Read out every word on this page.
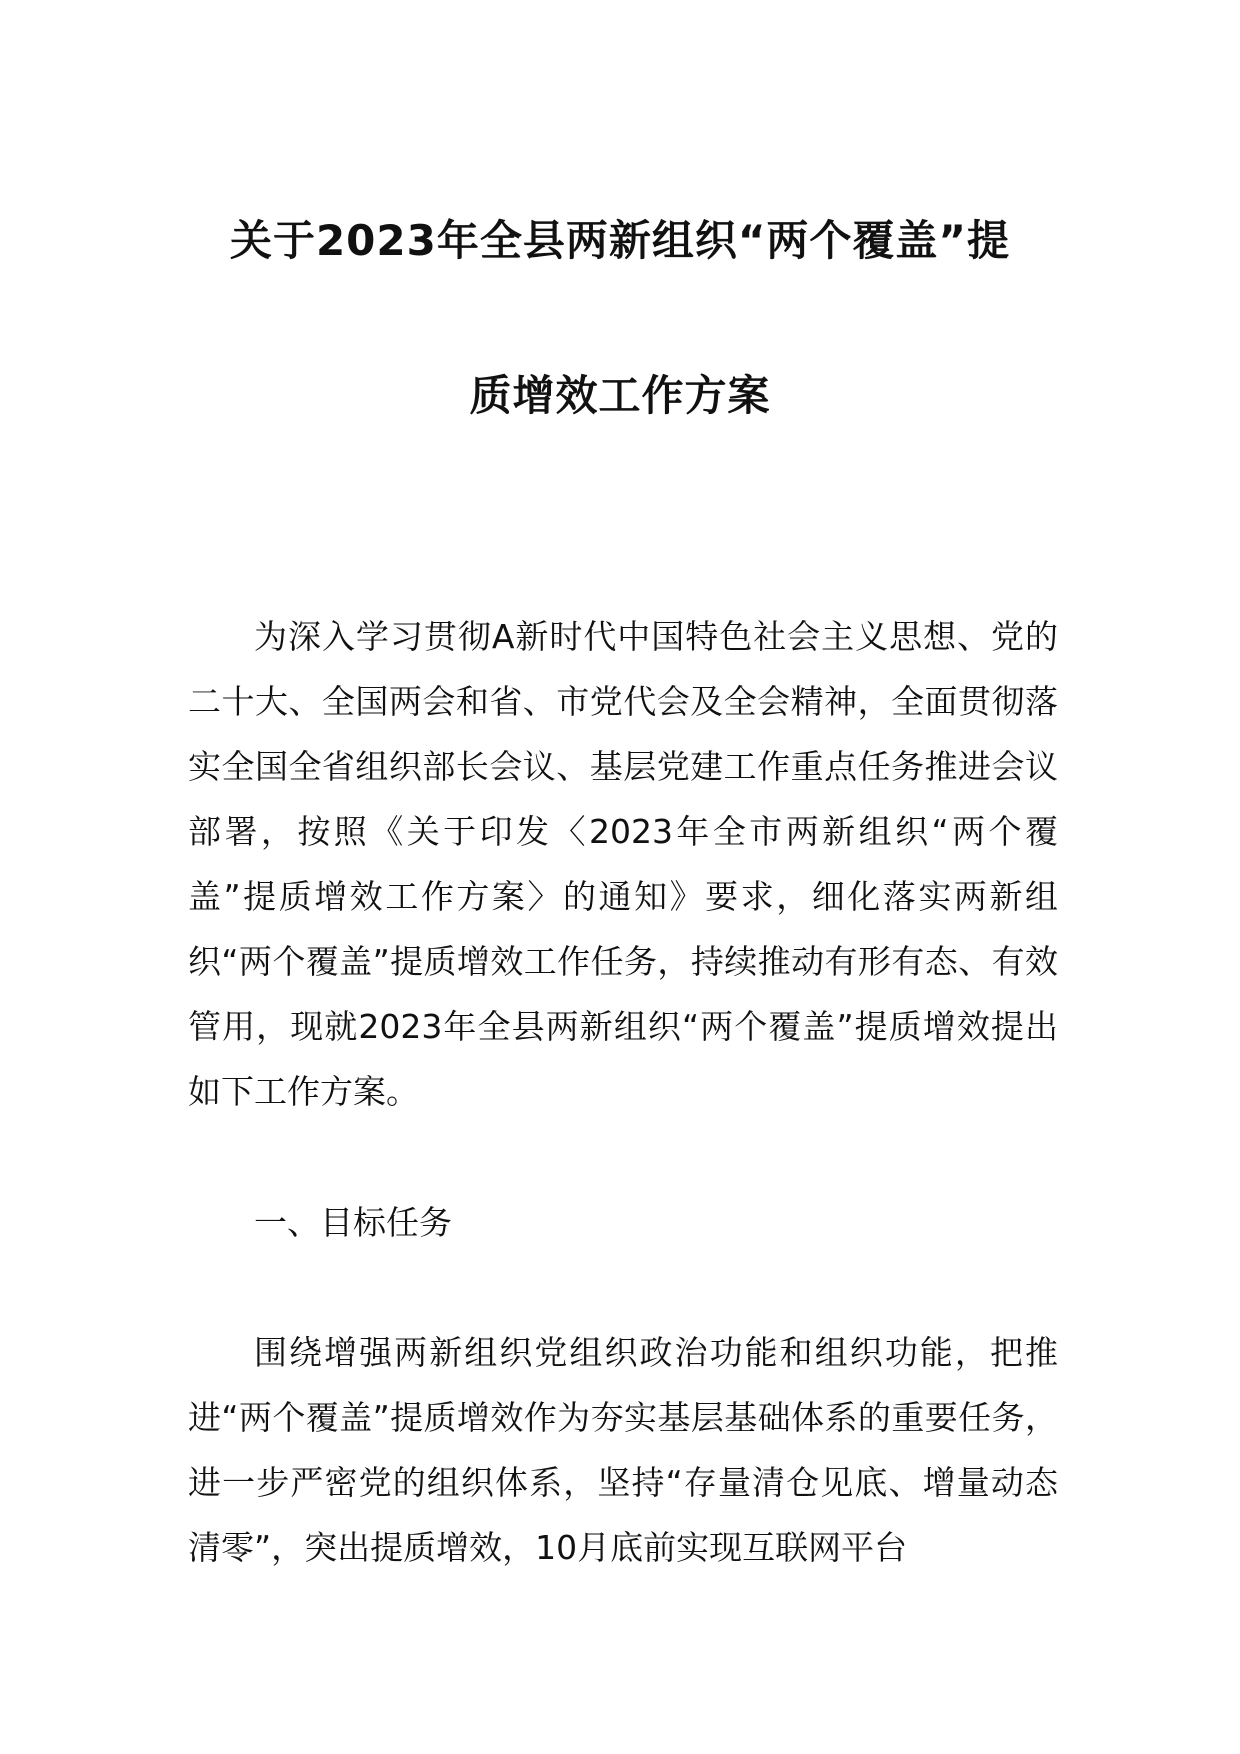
关于2023年全县两新组织“两个覆盖”提
质增效工作方案

为深入学习贯彻A新时代中国特色社会主义思想、党的二十大、全国两会和省、市党代会及全会精神，全面贯彻落实全国全省组织部长会议、基层党建工作重点任务推进会议部署，按照《关于印发〈2023年全市两新组织“两个覆盖”提质增效工作方案〉的通知》要求，细化落实两新组织“两个覆盖”提质增效工作任务，持续推动有形有态、有效管用，现就2023年全县两新组织“两个覆盖”提质增效提出如下工作方案。

一、目标任务

围绕增强两新组织党组织政治功能和组织功能，把推进“两个覆盖”提质增效作为夯实基层基础体系的重要任务，进一步严密党的组织体系，坚持“存量清仓见底、增量动态清零”，突出提质增效，10月底前实现互联网平台
